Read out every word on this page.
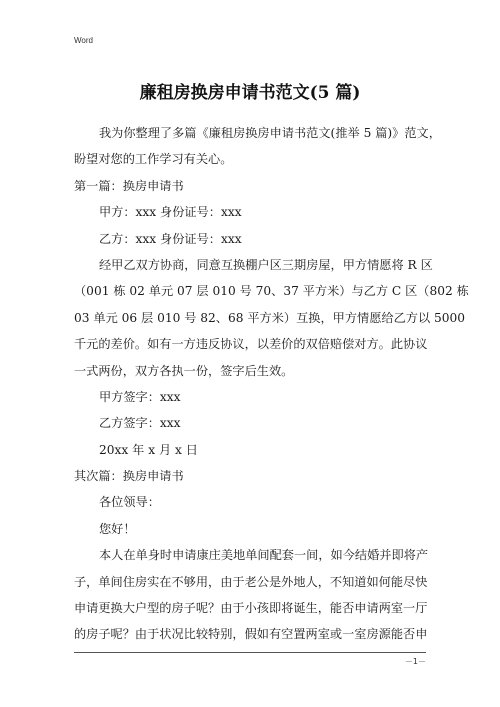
Word
廉租房换房申请书范文(5 篇)
我为你整理了多篇《廉租房换房申请书范文(推举 5 篇)》范文，
盼望对您的工作学习有关心。
第一篇：换房申请书
甲方：xxx 身份证号：xxx
乙方：xxx 身份证号：xxx
经甲乙双方协商，同意互换棚户区三期房屋，甲方情愿将 R 区
（001 栋 02 单元 07 层 010 号 70、37 平方米）与乙方 C 区（802 栋
03 单元 06 层 010 号 82、68 平方米）互换，甲方情愿给乙方以 5000
千元的差价。如有一方违反协议，以差价的双倍赔偿对方。此协议
一式两份，双方各执一份，签字后生效。
甲方签字：xxx
乙方签字：xxx
20xx 年 x 月 x 日
其次篇：换房申请书
各位领导：
您好！
本人在单身时申请康庄美地单间配套一间，如今结婚并即将产
子，单间住房实在不够用，由于老公是外地人，不知道如何能尽快
申请更换大户型的房子呢？由于小孩即将诞生，能否申请两室一厅
的房子呢？由于状况比较特别，假如有空置两室或一室房源能否申
－1－
